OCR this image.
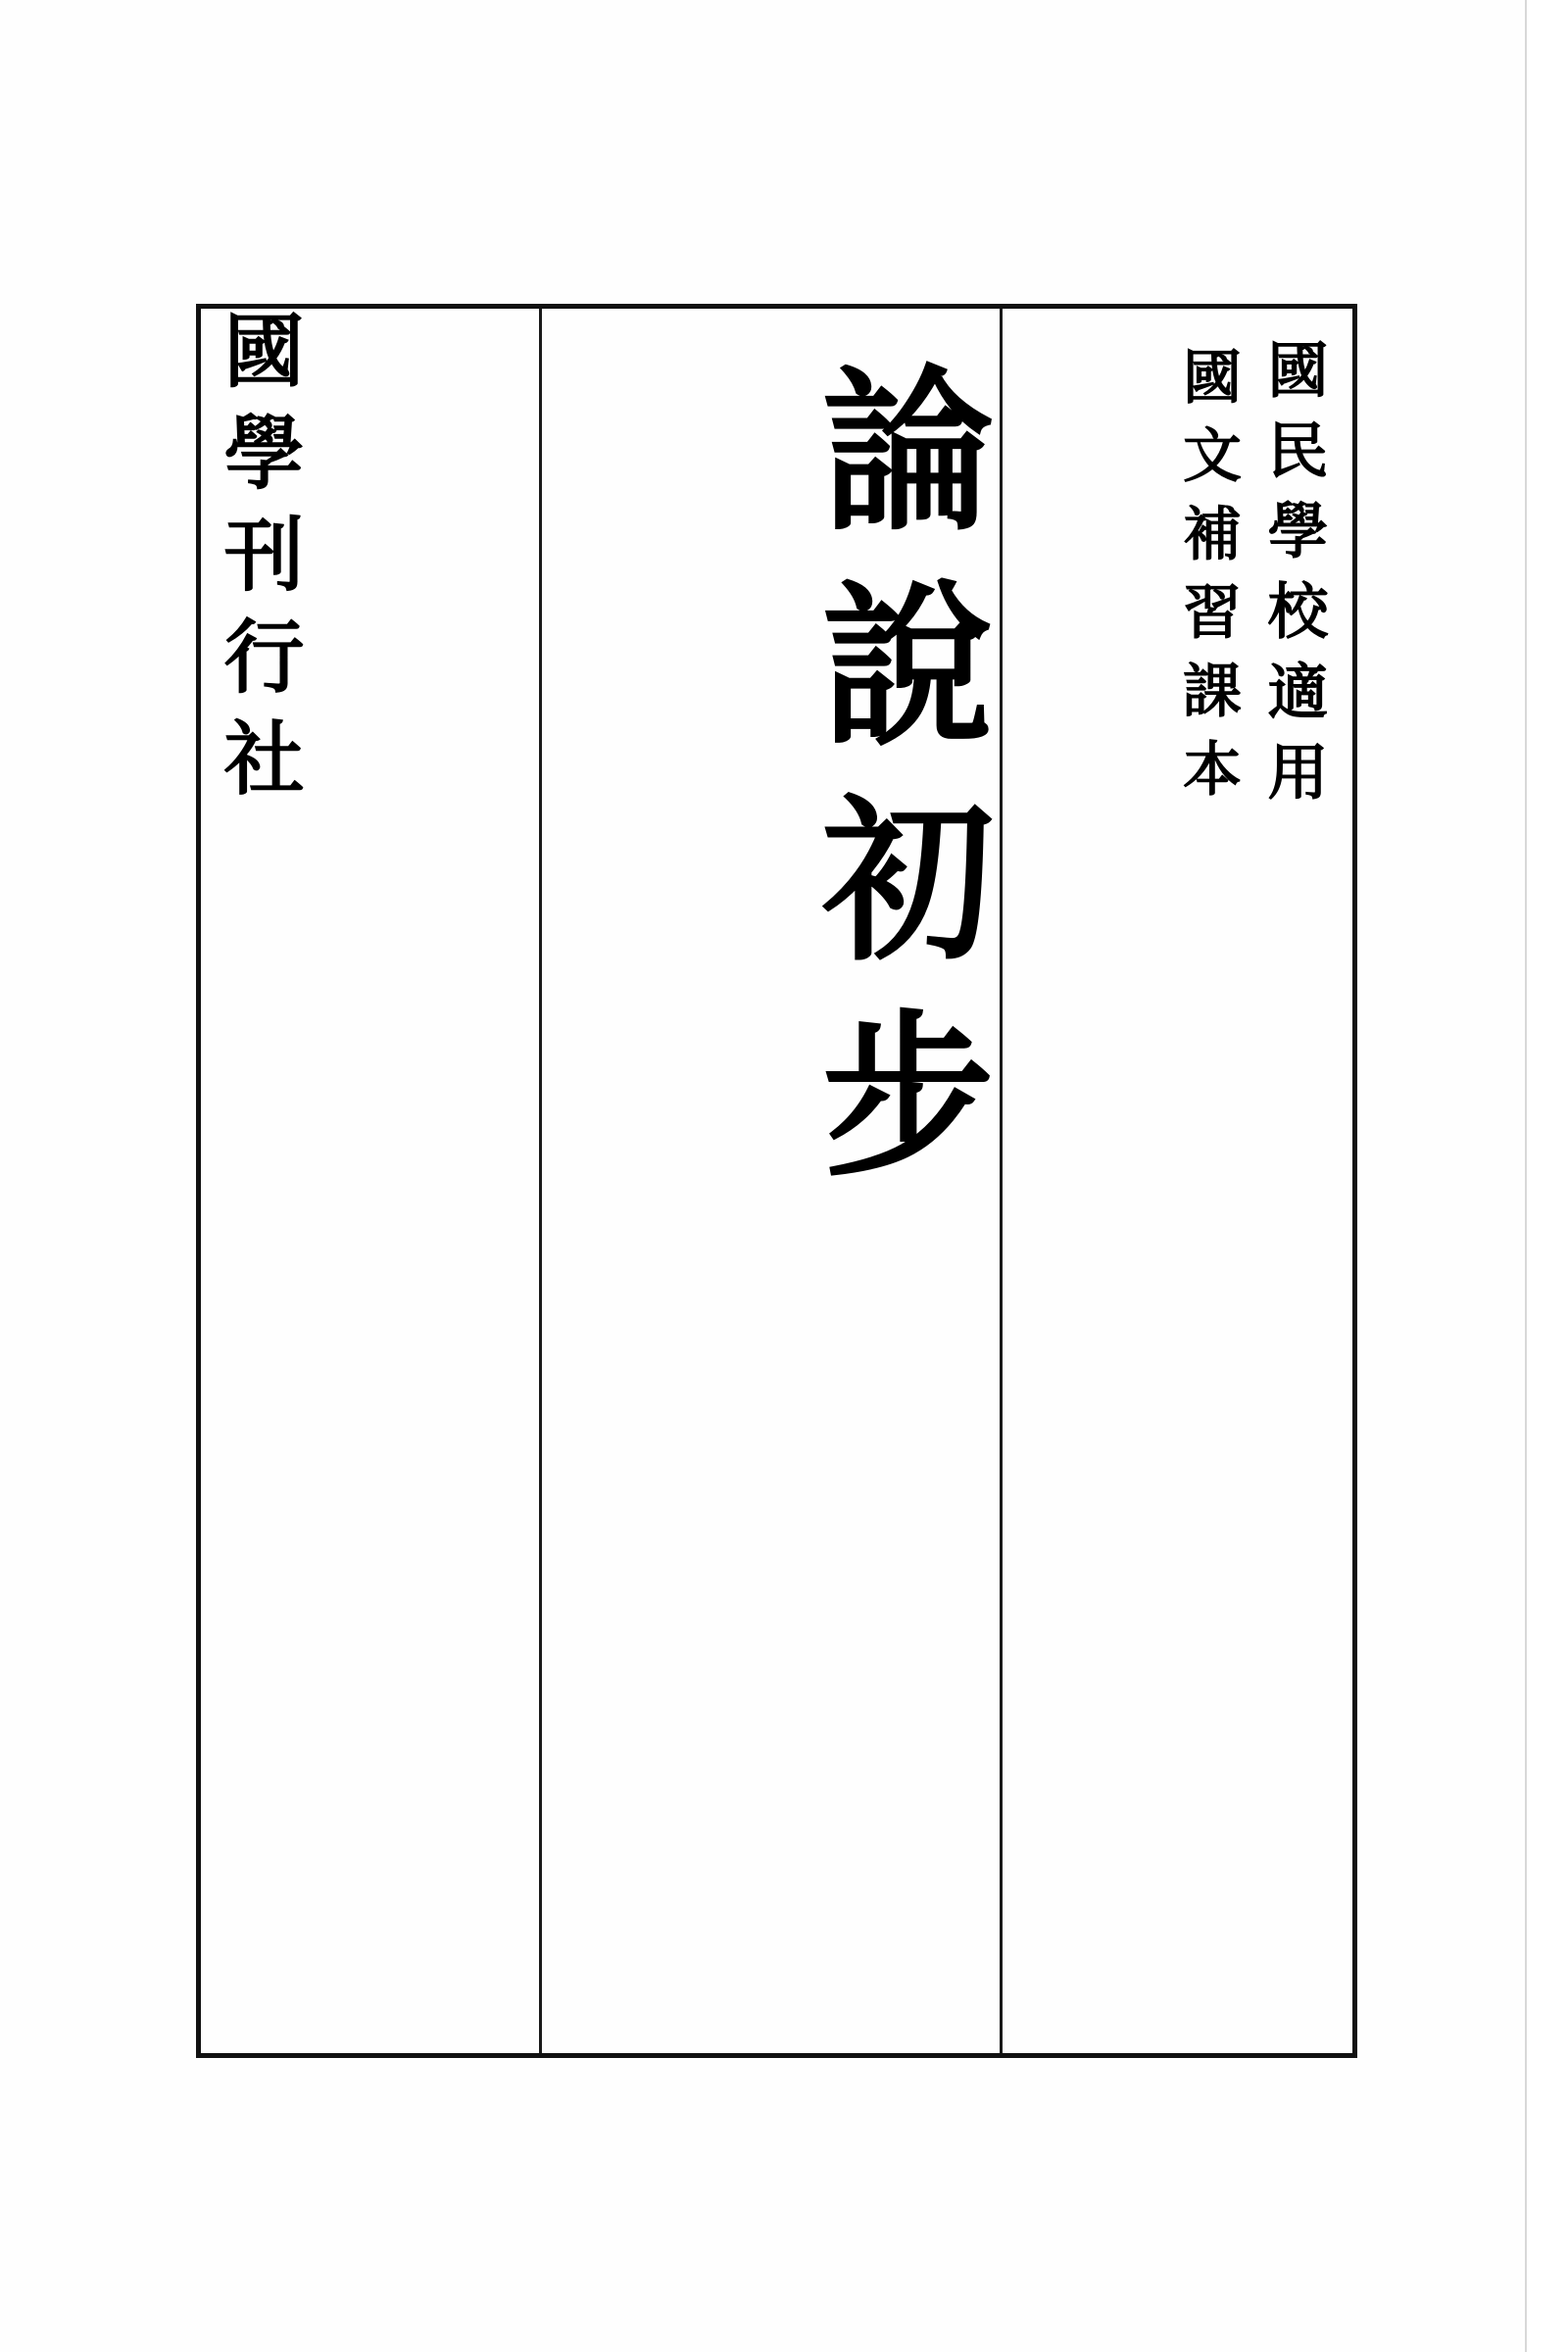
國民學校適用
國文補習課本
論說初步
國學刊行社
